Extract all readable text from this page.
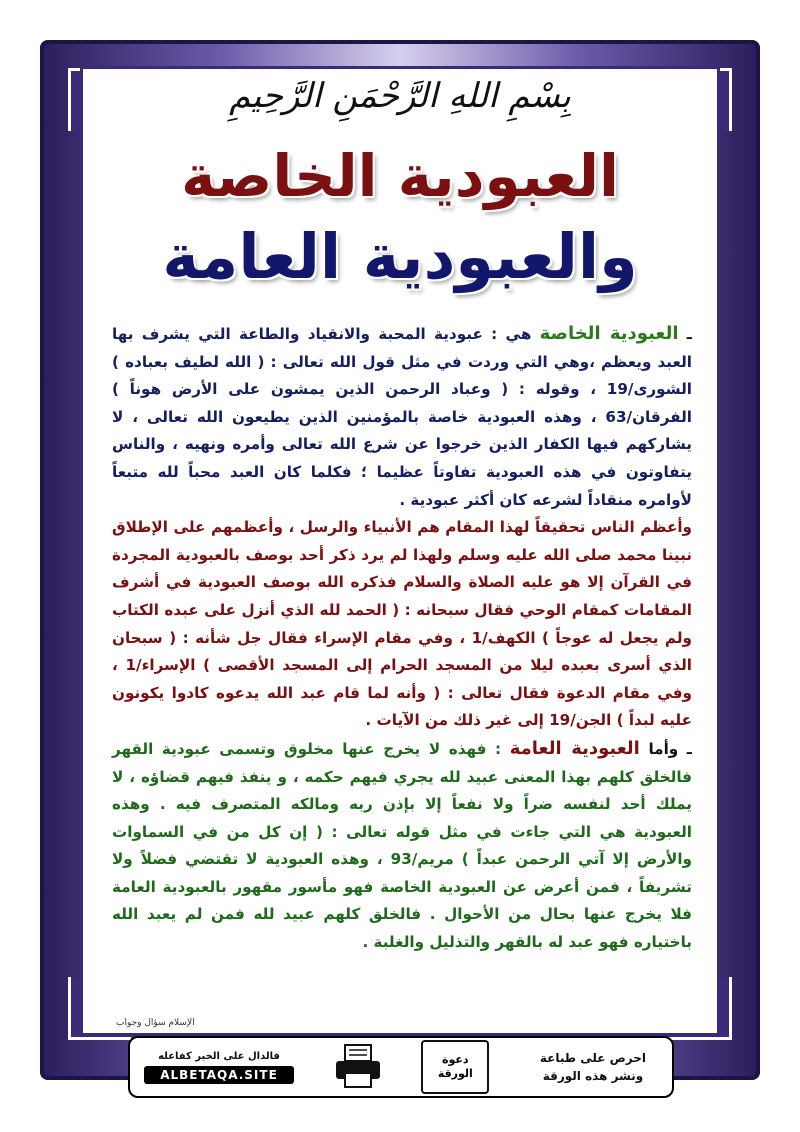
بِسْمِ اللهِ الرَّحْمَنِ الرَّحِيمِ
العبودية الخاصة
والعبودية العامة

ـ العبودية الخاصة هي : عبودية المحبة والانقياد والطاعة التي يشرف بها العبد ويعظم ،وهي التي وردت في مثل قول الله تعالى : ( الله لطيف بعباده ) الشورى/19 ، وقوله : ( وعباد الرحمن الذين يمشون على الأرض هوناً ) الفرقان/63 ، وهذه العبودية خاصة بالمؤمنين الذين يطيعون الله تعالى ، لا يشاركهم فيها الكفار الذين خرجوا عن شرع الله تعالى وأمره ونهيه ، والناس يتفاوتون في هذه العبودية تفاوتاً عظيما ؛ فكلما كان العبد محباً لله متبعاً لأوامره منقاداً لشرعه كان أكثر عبودية .

وأعظم الناس تحقيقاً لهذا المقام هم الأنبياء والرسل ، وأعظمهم على الإطلاق نبينا محمد صلى الله عليه وسلم ولهذا لم يرد ذكر أحد بوصف بالعبودية المجردة في القرآن إلا هو عليه الصلاة والسلام فذكره الله بوصف العبودية في أشرف المقامات كمقام الوحي فقال سبحانه : ( الحمد لله الذي أنزل على عبده الكتاب ولم يجعل له عوجاً ) الكهف/1 ، وفي مقام الإسراء فقال جل شأنه : ( سبحان الذي أسرى بعبده ليلا من المسجد الحرام إلى المسجد الأقصى ) الإسراء/1 ، وفي مقام الدعوة فقال تعالى : ( وأنه لما قام عبد الله يدعوه كادوا يكونون عليه لبداً ) الجن/19 إلى غير ذلك من الآيات .

ـ وأما العبودية العامة : فهذه لا يخرج عنها مخلوق وتسمى عبودية القهر فالخلق كلهم بهذا المعنى عبيد لله يجري فيهم حكمه ، و ينفذ فيهم قضاؤه ، لا يملك أحد لنفسه ضراً ولا نفعاً إلا بإذن ربه ومالكه المتصرف فيه . وهذه العبودية هي التي جاءت في مثل قوله تعالى : ( إن كل من في السماوات والأرض إلا آتي الرحمن عبداً ) مريم/93 ، وهذه العبودية لا تقتضي فضلاً ولا تشريفاً ، فمن أعرض عن العبودية الخاصة فهو مأسور مقهور بالعبودية العامة فلا يخرج عنها بحال من الأحوال . فالخلق كلهم عبيد لله فمن لم يعبد الله باختياره فهو عبد له بالقهر والتذليل والغلبة .

الإسلام سؤال وجواب
فالدال على الخير كفاعله
ALBETAQA.SITE
دعوة
الورقة
احرص على طباعة
ونشر هذه الورقة
